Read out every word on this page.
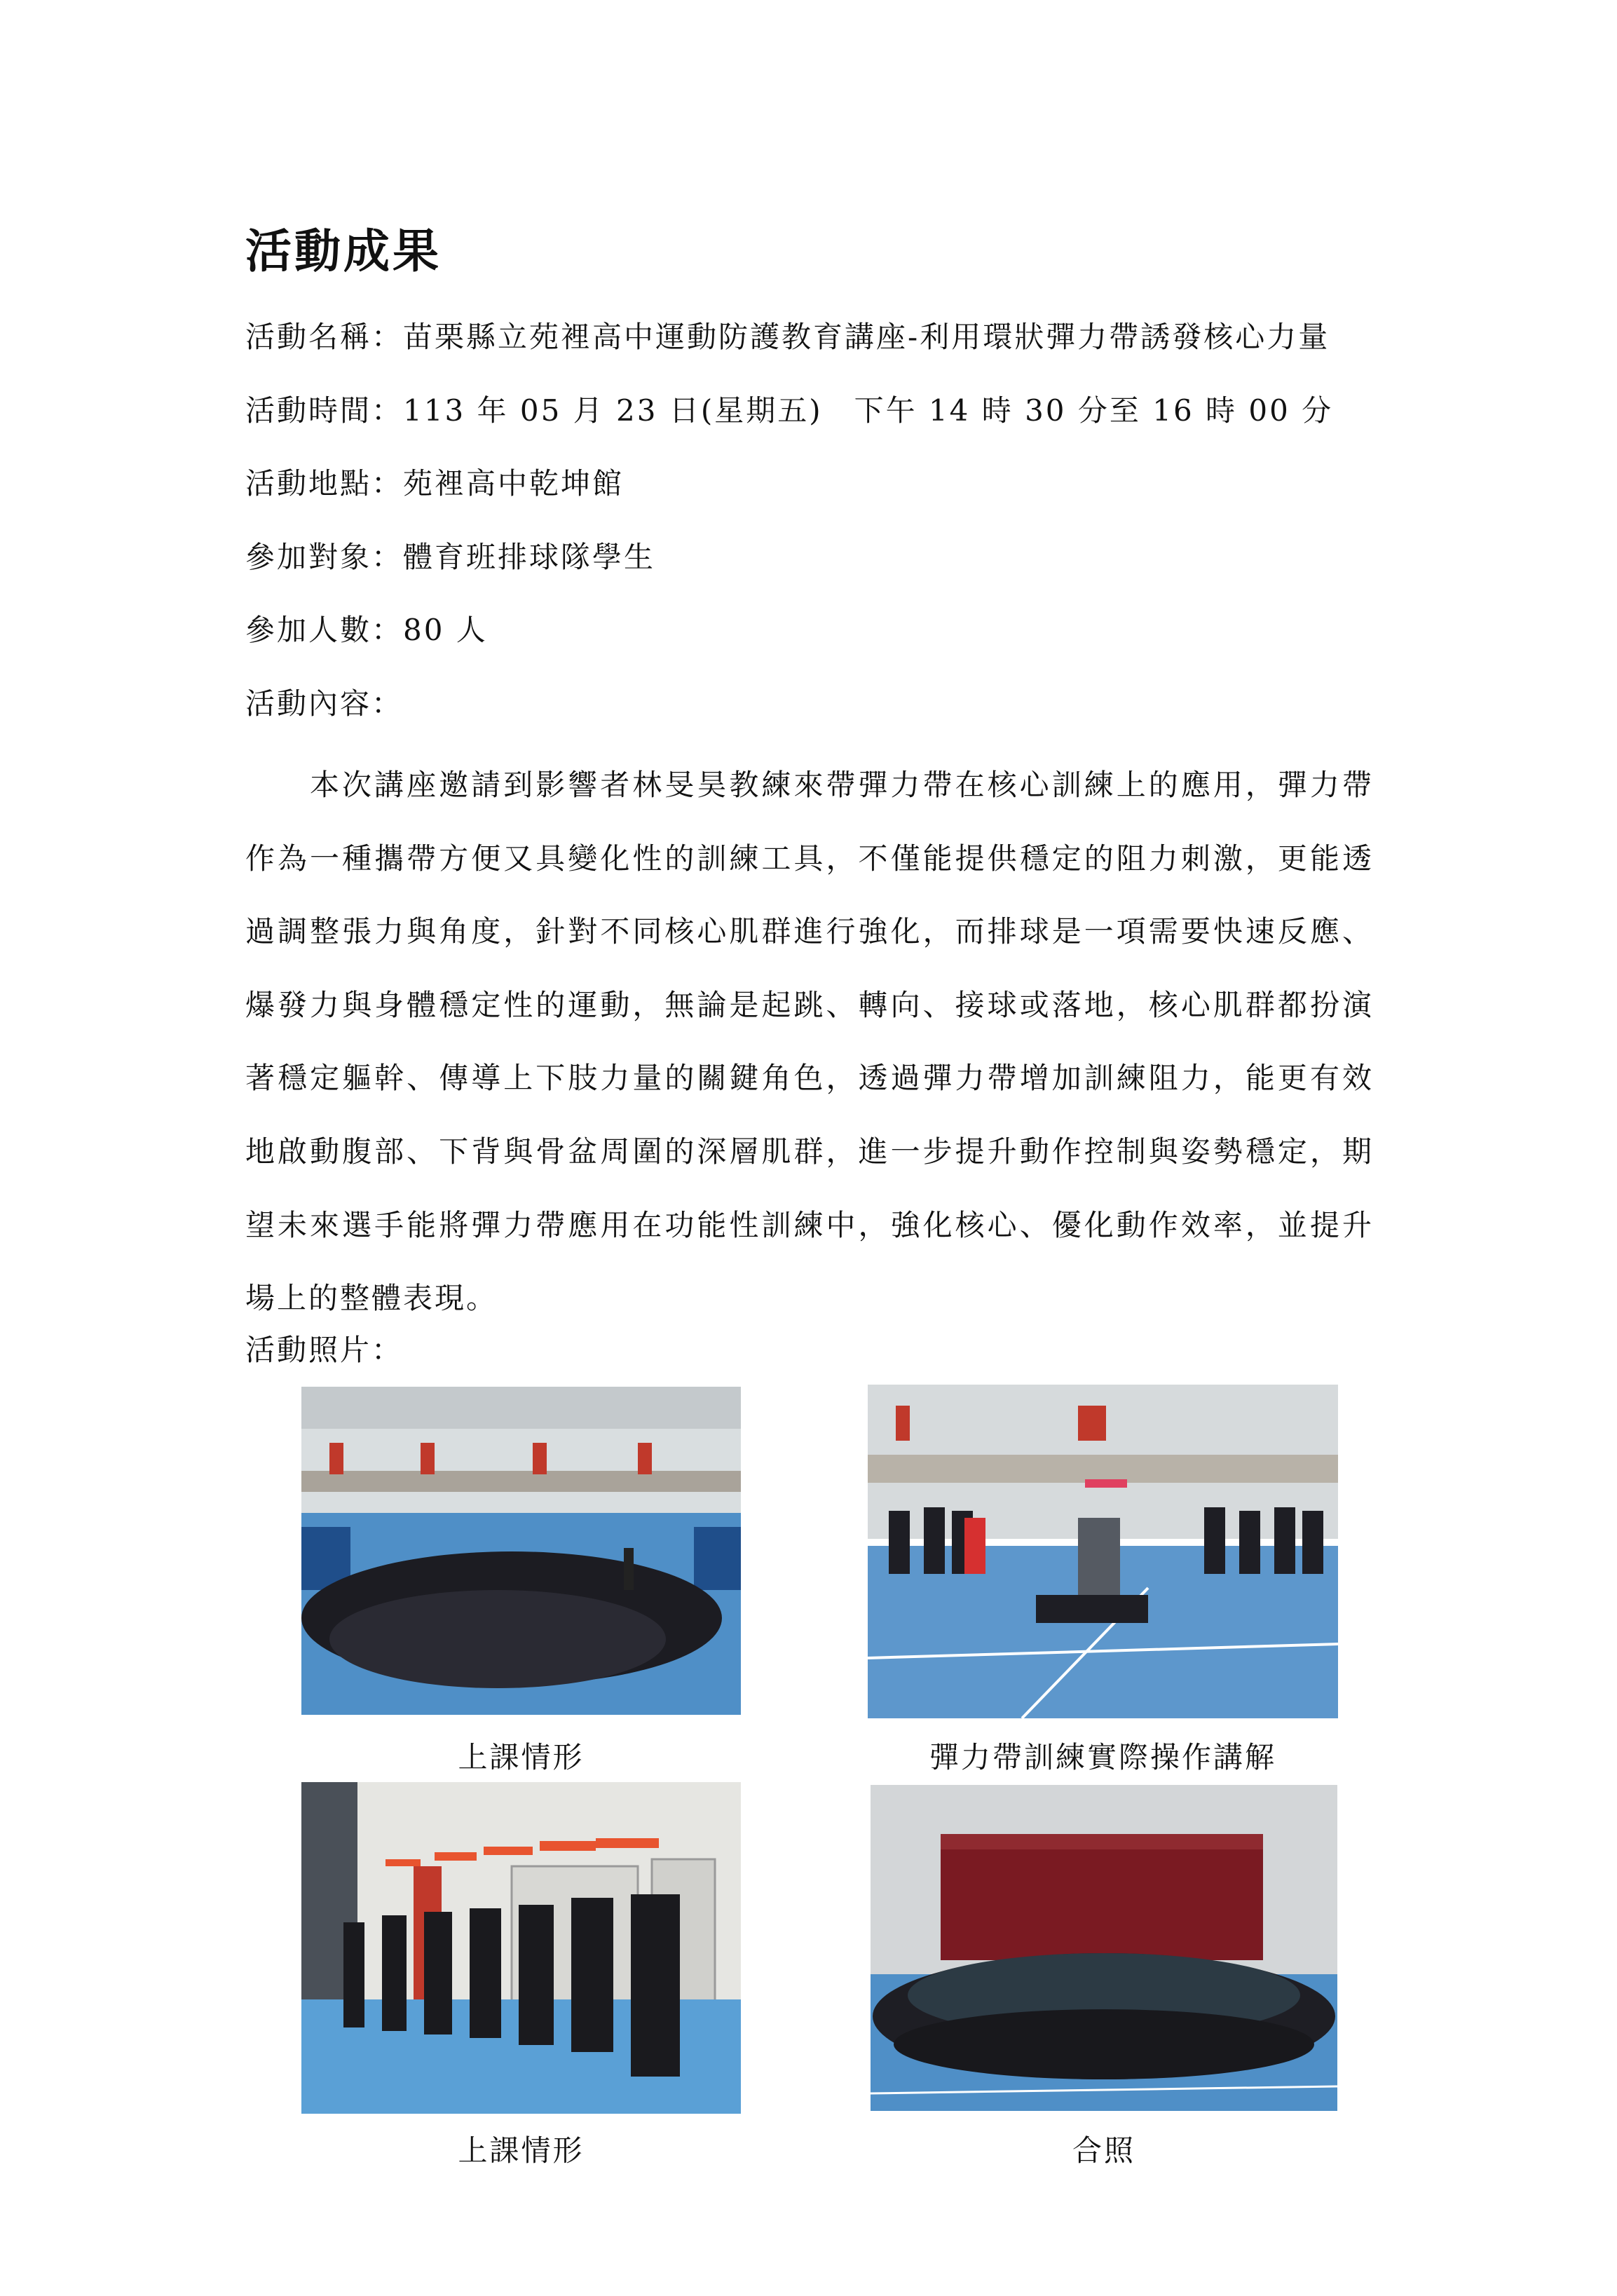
活動成果
活動名稱：苗栗縣立苑裡高中運動防護教育講座-利用環狀彈力帶誘發核心力量
活動時間：113 年 05 月 23 日(星期五)　下午 14 時 30 分至 16 時 00 分
活動地點：苑裡高中乾坤館
參加對象：體育班排球隊學生
參加人數：80 人
活動內容：
本次講座邀請到影響者林旻昊教練來帶彈力帶在核心訓練上的應用，彈力帶作為一種攜帶方便又具變化性的訓練工具，不僅能提供穩定的阻力刺激，更能透過調整張力與角度，針對不同核心肌群進行強化，而排球是一項需要快速反應、爆發力與身體穩定性的運動，無論是起跳、轉向、接球或落地，核心肌群都扮演著穩定軀幹、傳導上下肢力量的關鍵角色，透過彈力帶增加訓練阻力，能更有效地啟動腹部、下背與骨盆周圍的深層肌群，進一步提升動作控制與姿勢穩定，期望未來選手能將彈力帶應用在功能性訓練中，強化核心、優化動作效率，並提升場上的整體表現。
活動照片：
上課情形	彈力帶訓練實際操作講解
上課情形	合照
